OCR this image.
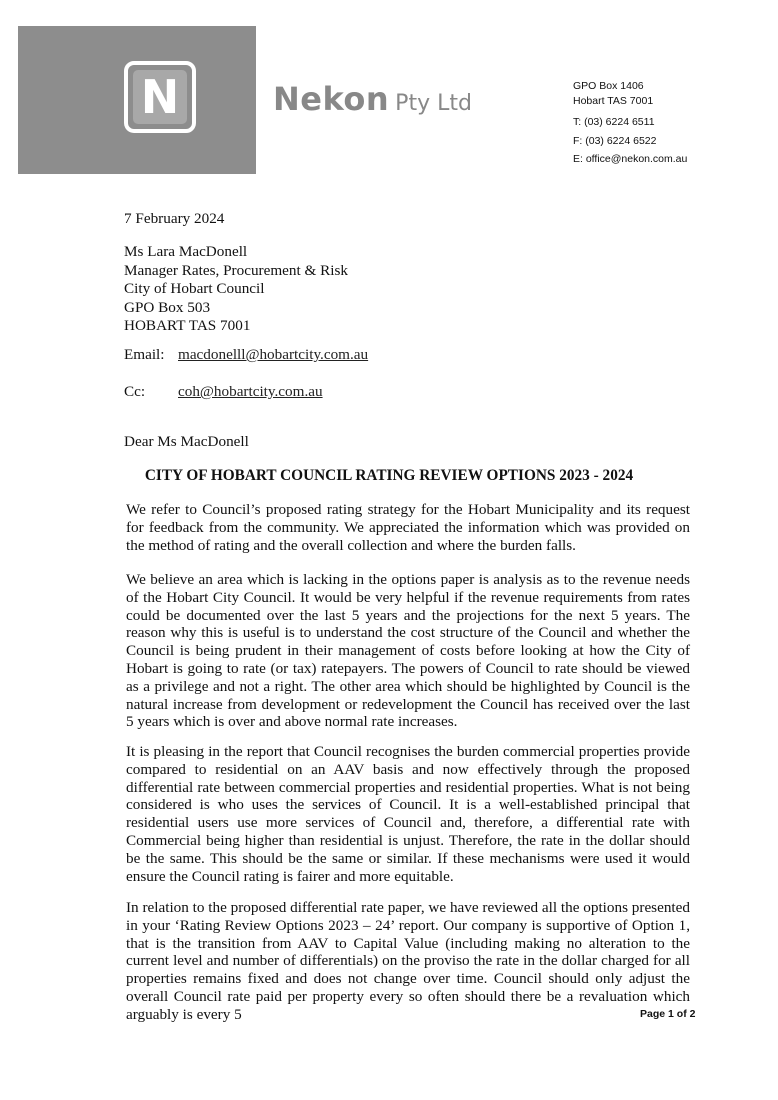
N	Nekon Pty Ltd
GPO Box 1406
Hobart TAS 7001
T: (03) 6224 6511
F: (03) 6224 6522
E: office@nekon.com.au
7 February 2024
Ms Lara MacDonell
Manager Rates, Procurement & Risk
City of Hobart Council
GPO Box 503
HOBART TAS 7001
Email: macdonelll@hobartcity.com.au
Cc: coh@hobartcity.com.au
Dear Ms MacDonell
CITY OF HOBART COUNCIL RATING REVIEW OPTIONS 2023 - 2024
We refer to Council’s proposed rating strategy for the Hobart Municipality and its request for feedback from the community. We appreciated the information which was provided on the method of rating and the overall collection and where the burden falls.
We believe an area which is lacking in the options paper is analysis as to the revenue needs of the Hobart City Council. It would be very helpful if the revenue requirements from rates could be documented over the last 5 years and the projections for the next 5 years. The reason why this is useful is to understand the cost structure of the Council and whether the Council is being prudent in their management of costs before looking at how the City of Hobart is going to rate (or tax) ratepayers. The powers of Council to rate should be viewed as a privilege and not a right. The other area which should be highlighted by Council is the natural increase from development or redevelopment the Council has received over the last 5 years which is over and above normal rate increases.
It is pleasing in the report that Council recognises the burden commercial properties provide compared to residential on an AAV basis and now effectively through the proposed differential rate between commercial properties and residential properties. What is not being considered is who uses the services of Council. It is a well-established principal that residential users use more services of Council and, therefore, a differential rate with Commercial being higher than residential is unjust. Therefore, the rate in the dollar should be the same. This should be the same or similar. If these mechanisms were used it would ensure the Council rating is fairer and more equitable.
In relation to the proposed differential rate paper, we have reviewed all the options presented in your ‘Rating Review Options 2023 – 24’ report. Our company is supportive of Option 1, that is the transition from AAV to Capital Value (including making no alteration to the current level and number of differentials) on the proviso the rate in the dollar charged for all properties remains fixed and does not change over time. Council should only adjust the overall Council rate paid per property every so often should there be a revaluation which arguably is every 5	Page 1 of 2
